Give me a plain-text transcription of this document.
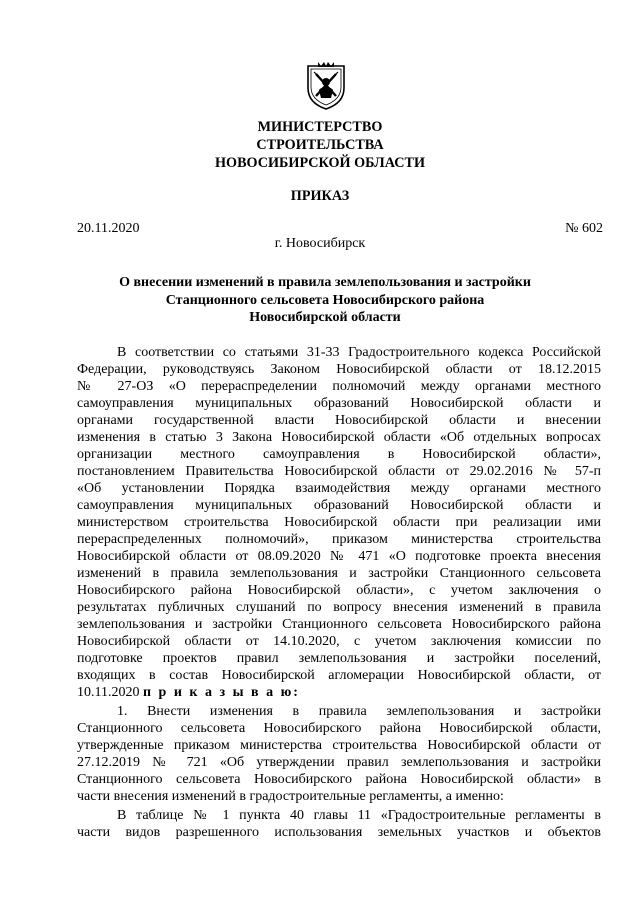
МИНИСТЕРСТВО
СТРОИТЕЛЬСТВА
НОВОСИБИРСКОЙ ОБЛАСТИ
ПРИКАЗ
20.11.2020	№ 602
г. Новосибирск
О внесении изменений в правила землепользования и застройки
Станционного сельсовета Новосибирского района
Новосибирской области
В соответствии со статьями 31-33 Градостроительного кодекса Российской
Федерации, руководствуясь Законом Новосибирской области от 18.12.2015
№ 27-ОЗ «О перераспределении полномочий между органами местного
самоуправления муниципальных образований Новосибирской области и
органами государственной власти Новосибирской области и внесении
изменения в статью 3 Закона Новосибирской области «Об отдельных вопросах
организации местного самоуправления в Новосибирской области»,
постановлением Правительства Новосибирской области от 29.02.2016 № 57-п
«Об установлении Порядка взаимодействия между органами местного
самоуправления муниципальных образований Новосибирской области и
министерством строительства Новосибирской области при реализации ими
перераспределенных полномочий», приказом министерства строительства
Новосибирской области от 08.09.2020 № 471 «О подготовке проекта внесения
изменений в правила землепользования и застройки Станционного сельсовета
Новосибирского района Новосибирской области», с учетом заключения о
результатах публичных слушаний по вопросу внесения изменений в правила
землепользования и застройки Станционного сельсовета Новосибирского района
Новосибирской области от 14.10.2020, с учетом заключения комиссии по
подготовке проектов правил землепользования и застройки поселений,
входящих в состав Новосибирской агломерации Новосибирской области, от
10.11.2020 п р и к а з ы в а ю:
1. Внести изменения в правила землепользования и застройки
Станционного сельсовета Новосибирского района Новосибирской области,
утвержденные приказом министерства строительства Новосибирской области от
27.12.2019 № 721 «Об утверждении правил землепользования и застройки
Станционного сельсовета Новосибирского района Новосибирской области» в
части внесения изменений в градостроительные регламенты, а именно:
В таблице № 1 пункта 40 главы 11 «Градостроительные регламенты в
части видов разрешенного использования земельных участков и объектов
